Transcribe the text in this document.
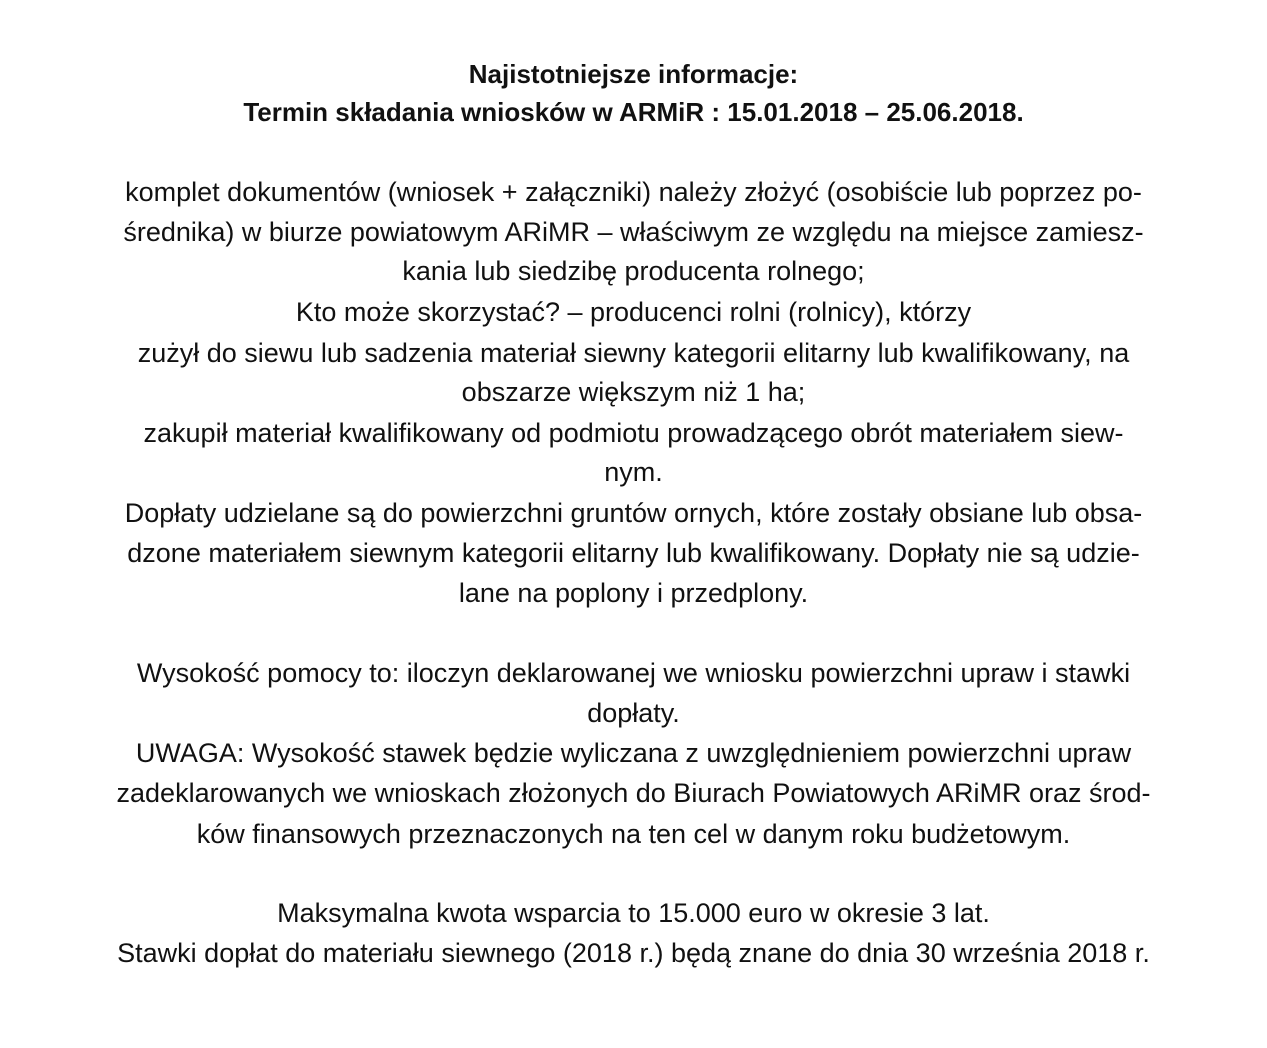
Najistotniejsze informacje:
Termin składania wniosków w ARMiR : 15.01.2018 – 25.06.2018.
komplet dokumentów (wniosek + załączniki) należy złożyć (osobiście lub poprzez po-
średnika) w biurze powiatowym ARiMR – właściwym ze względu na miejsce zamiesz-
kania lub siedzibę producenta rolnego;
Kto może skorzystać? – producenci rolni (rolnicy), którzy
zużył do siewu lub sadzenia materiał siewny kategorii elitarny lub kwalifikowany, na
obszarze większym niż 1 ha;
zakupił materiał kwalifikowany od podmiotu prowadzącego obrót materiałem siew-
nym.
Dopłaty udzielane są do powierzchni gruntów ornych, które zostały obsiane lub obsa-
dzone materiałem siewnym kategorii elitarny lub kwalifikowany. Dopłaty nie są udzie-
lane na poplony i przedplony.
Wysokość pomocy to: iloczyn deklarowanej we wniosku powierzchni upraw i stawki
dopłaty.
UWAGA: Wysokość stawek będzie wyliczana z uwzględnieniem powierzchni upraw
zadeklarowanych we wnioskach złożonych do Biurach Powiatowych ARiMR oraz środ-
ków finansowych przeznaczonych na ten cel w danym roku budżetowym.
Maksymalna kwota wsparcia to 15.000 euro w okresie 3 lat.
Stawki dopłat do materiału siewnego (2018 r.) będą znane do dnia 30 września 2018 r.
